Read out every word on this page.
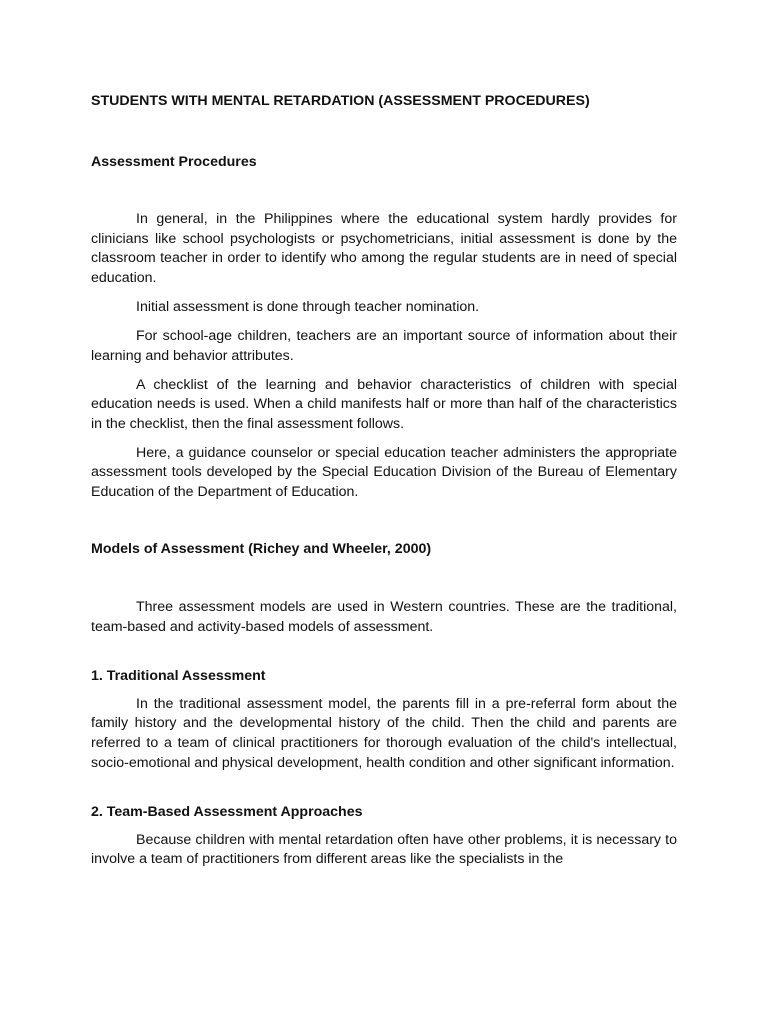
STUDENTS WITH MENTAL RETARDATION (ASSESSMENT PROCEDURES)
Assessment Procedures

In general, in the Philippines where the educational system hardly provides for clinicians like school psychologists or psychometricians, initial assessment is done by the classroom teacher in order to identify who among the regular students are in need of special education.

Initial assessment is done through teacher nomination.

For school-age children, teachers are an important source of information about their learning and behavior attributes.

A checklist of the learning and behavior characteristics of children with special education needs is used. When a child manifests half or more than half of the characteristics in the checklist, then the final assessment follows.

Here, a guidance counselor or special education teacher administers the appropriate assessment tools developed by the Special Education Division of the Bureau of Elementary Education of the Department of Education.

Models of Assessment (Richey and Wheeler, 2000)

Three assessment models are used in Western countries. These are the traditional, team-based and activity-based models of assessment.

1. Traditional Assessment

In the traditional assessment model, the parents fill in a pre-referral form about the family history and the developmental history of the child. Then the child and parents are referred to a team of clinical practitioners for thorough evaluation of the child's intellectual, socio-emotional and physical development, health condition and other significant information.

2. Team-Based Assessment Approaches

Because children with mental retardation often have other problems, it is necessary to involve a team of practitioners from different areas like the specialists in the
